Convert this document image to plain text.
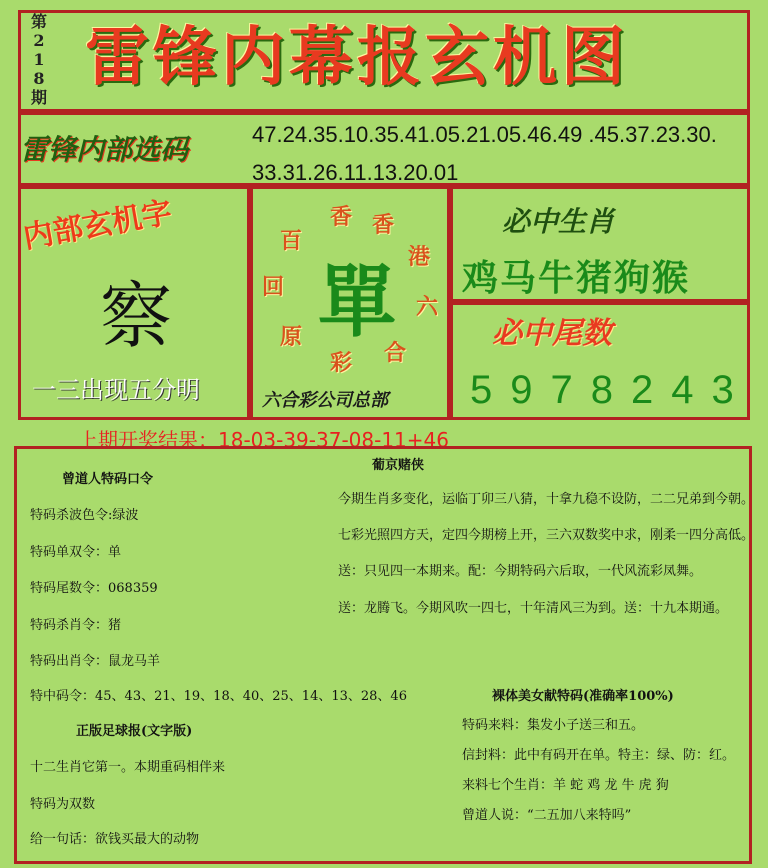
第
2
1
8
期
雷锋内幕报玄机图
雷锋内部选码	47.24.35.10.35.41.05.21.05.46.49 .45.37.23.30.
33.31.26.11.13.20.01
内部玄机字
察
一三出现五分明
百
香 香
港
六
合
彩
原
回 單
六合彩公司总部
必中生肖
鸡马牛猪狗猴
必中尾数
5978243
上期开奖结果：18-03-39-37-08-11+46
曾道人特码口令
特码杀波色令:绿波
特码单双令：单
特码尾数令：068359
特码杀肖令：猪
特码出肖令：鼠龙马羊
特中码令：45、43、21、19、18、40、25、14、13、28、46
正版足球报(文字版)
十二生肖它第一。本期重码相伴来
特码为双数
给一句话：欲钱买最大的动物
葡京赌侠
今期生肖多变化，运临丁卯三八猜，十拿九稳不设防，二二兄弟到今朝。
七彩光照四方天，定四今期榜上开，三六双数奖中求，刚柔一四分高低。
送：只见四一本期来。配：今期特码六后取，一代风流彩凤舞。
送：龙腾飞。今期风吹一四七，十年清风三为到。送：十九本期通。
裸体美女献特码(准确率100%)
特码来料：集发小子送三和五。
信封料：此中有码开在单。特主：绿、防：红。
来料七个生肖：羊 蛇 鸡 龙 牛 虎 狗
曾道人说：“二五加八来特吗”
